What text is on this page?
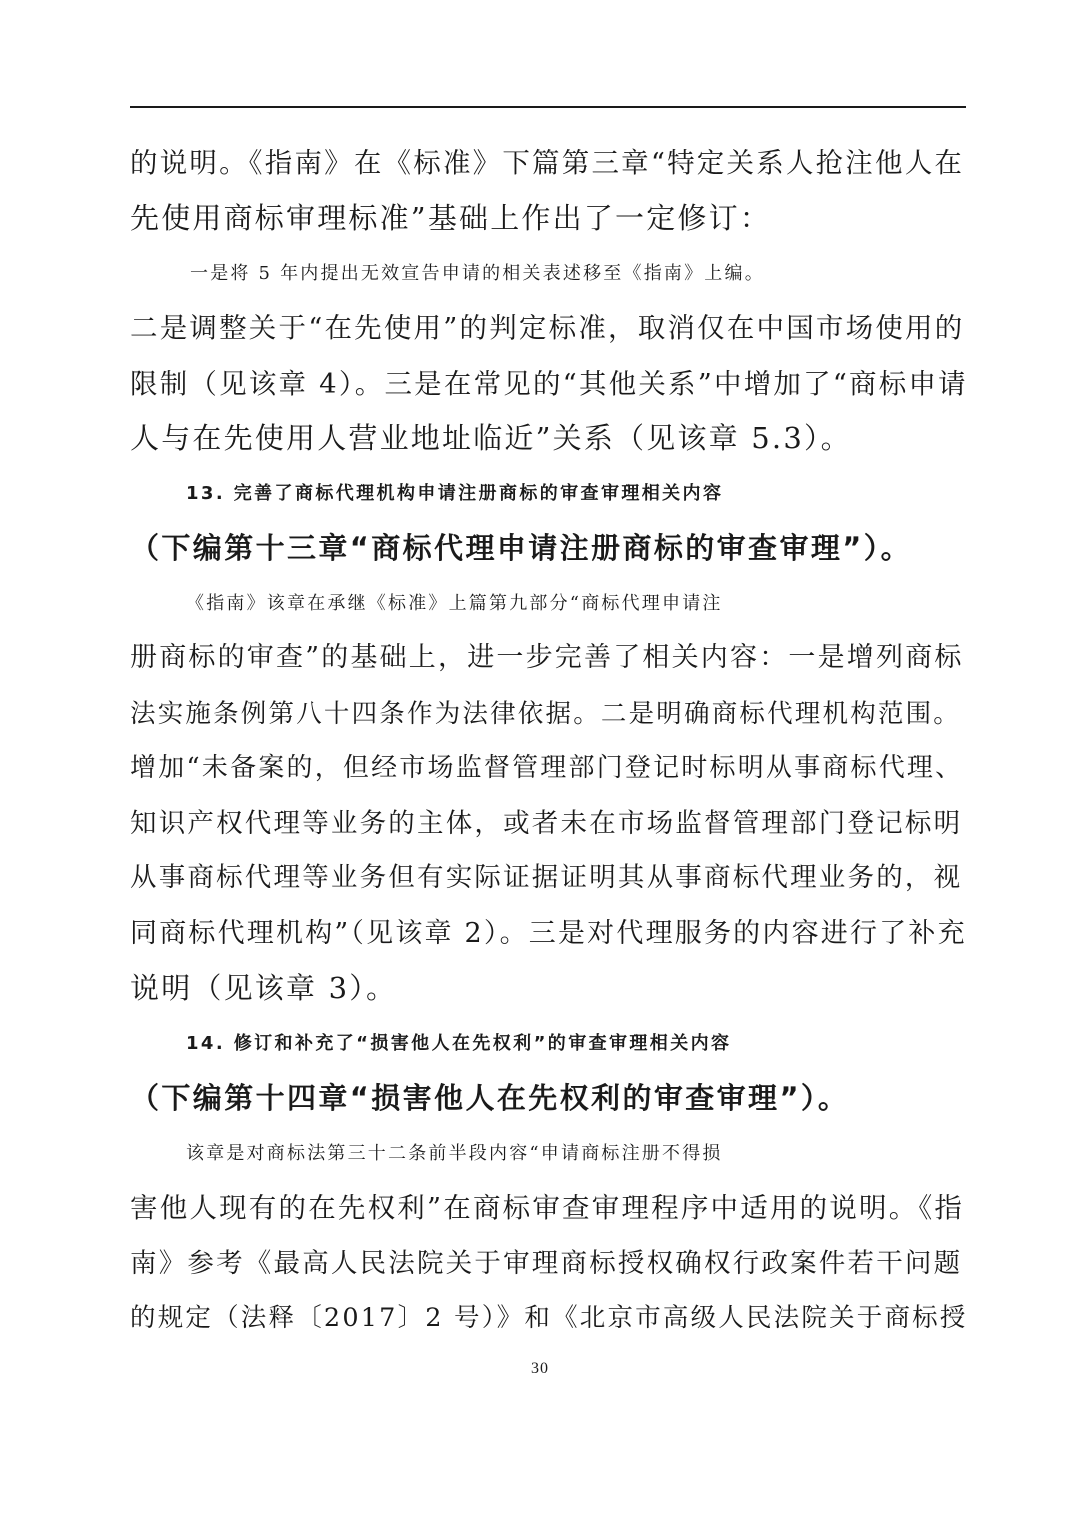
的说明。《指南》在《标准》下篇第三章“特定关系人抢注他人在
先使用商标审理标准”基础上作出了一定修订：
一是将 5 年内提出无效宣告申请的相关表述移至《指南》上编。
二是调整关于“在先使用”的判定标准，取消仅在中国市场使用的
限制（见该章 4）。三是在常见的“其他关系”中增加了“商标申请
人与在先使用人营业地址临近”关系（见该章 5.3）。
13. 完善了商标代理机构申请注册商标的审查审理相关内容
（下编第十三章“商标代理申请注册商标的审查审理”）。
《指南》该章在承继《标准》上篇第九部分“商标代理申请注
册商标的审查”的基础上，进一步完善了相关内容：一是增列商标
法实施条例第八十四条作为法律依据。二是明确商标代理机构范围。
增加“未备案的，但经市场监督管理部门登记时标明从事商标代理、
知识产权代理等业务的主体，或者未在市场监督管理部门登记标明
从事商标代理等业务但有实际证据证明其从事商标代理业务的，视
同商标代理机构”（见该章 2）。三是对代理服务的内容进行了补充
说明（见该章 3）。
14. 修订和补充了“损害他人在先权利”的审查审理相关内容
（下编第十四章“损害他人在先权利的审查审理”）。
该章是对商标法第三十二条前半段内容“申请商标注册不得损
害他人现有的在先权利”在商标审查审理程序中适用的说明。《指
南》参考《最高人民法院关于审理商标授权确权行政案件若干问题
的规定（法释〔2017〕2 号）》和《北京市高级人民法院关于商标授
30
